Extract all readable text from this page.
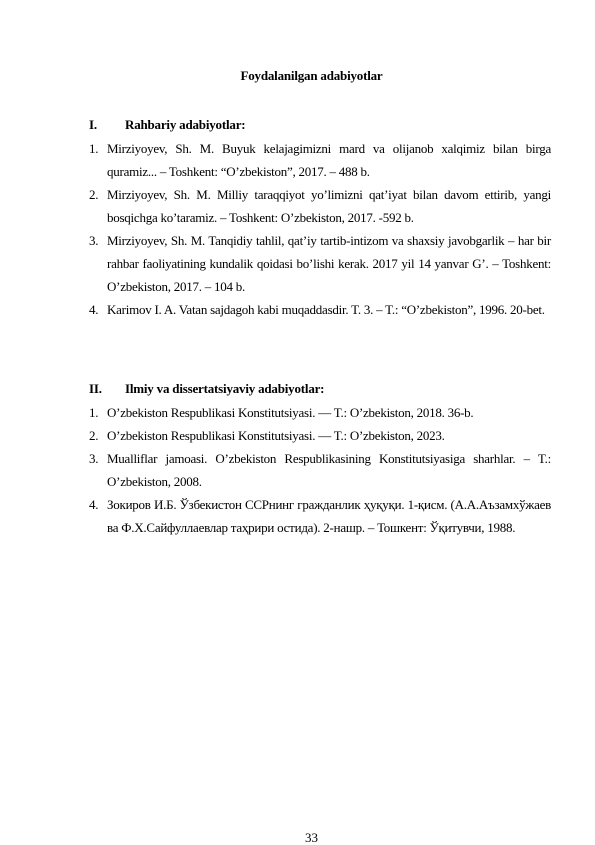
Foydalanilgan adabiyotlar
I. Rahbariy adabiyotlar:
1. Mirziyoyev, Sh. M. Buyuk kelajagimizni mard va olijanob xalqimiz bilan birga quramiz... – Toshkent: “O’zbekiston”, 2017. – 488 b.
2. Mirziyoyev, Sh. M. Milliy taraqqiyot yo’limizni qat’iyat bilan davom ettirib, yangi bosqichga ko’taramiz. – Toshkent: O’zbekiston, 2017. -592 b.
3. Mirziyoyev, Sh. M. Tanqidiy tahlil, qat’iy tartib-intizom va shaxsiy javobgarlik – har bir rahbar faoliyatining kundalik qoidasi bo’lishi kerak. 2017 yil 14 yanvar G’. – Toshkent: O’zbekiston, 2017. – 104 b.
4. Karimov I. A. Vatan sajdagoh kabi muqaddasdir. T. 3. – T.: “O’zbekiston”, 1996. 20-bet.
II. Ilmiy va dissertatsiyaviy adabiyotlar:
1. O’zbekiston Respublikasi Konstitutsiyasi. — T.: O’zbekiston, 2018. 36-b.
2. O’zbekiston Respublikasi Konstitutsiyasi. — T.: O’zbekiston, 2023.
3. Mualliflar jamoasi. O’zbekiston Respublikasining Konstitutsiyasiga sharhlar. – T.: O’zbekiston, 2008.
4. Зокиров И.Б. Ўзбекистон ССРнинг гражданлик ҳуқуқи. 1-қисм. (А.А.Аъзамхўжаев ва Ф.Х.Сайфуллаевлар таҳрири остида). 2-нашр. – Тошкент: Ўқитувчи, 1988.
33
